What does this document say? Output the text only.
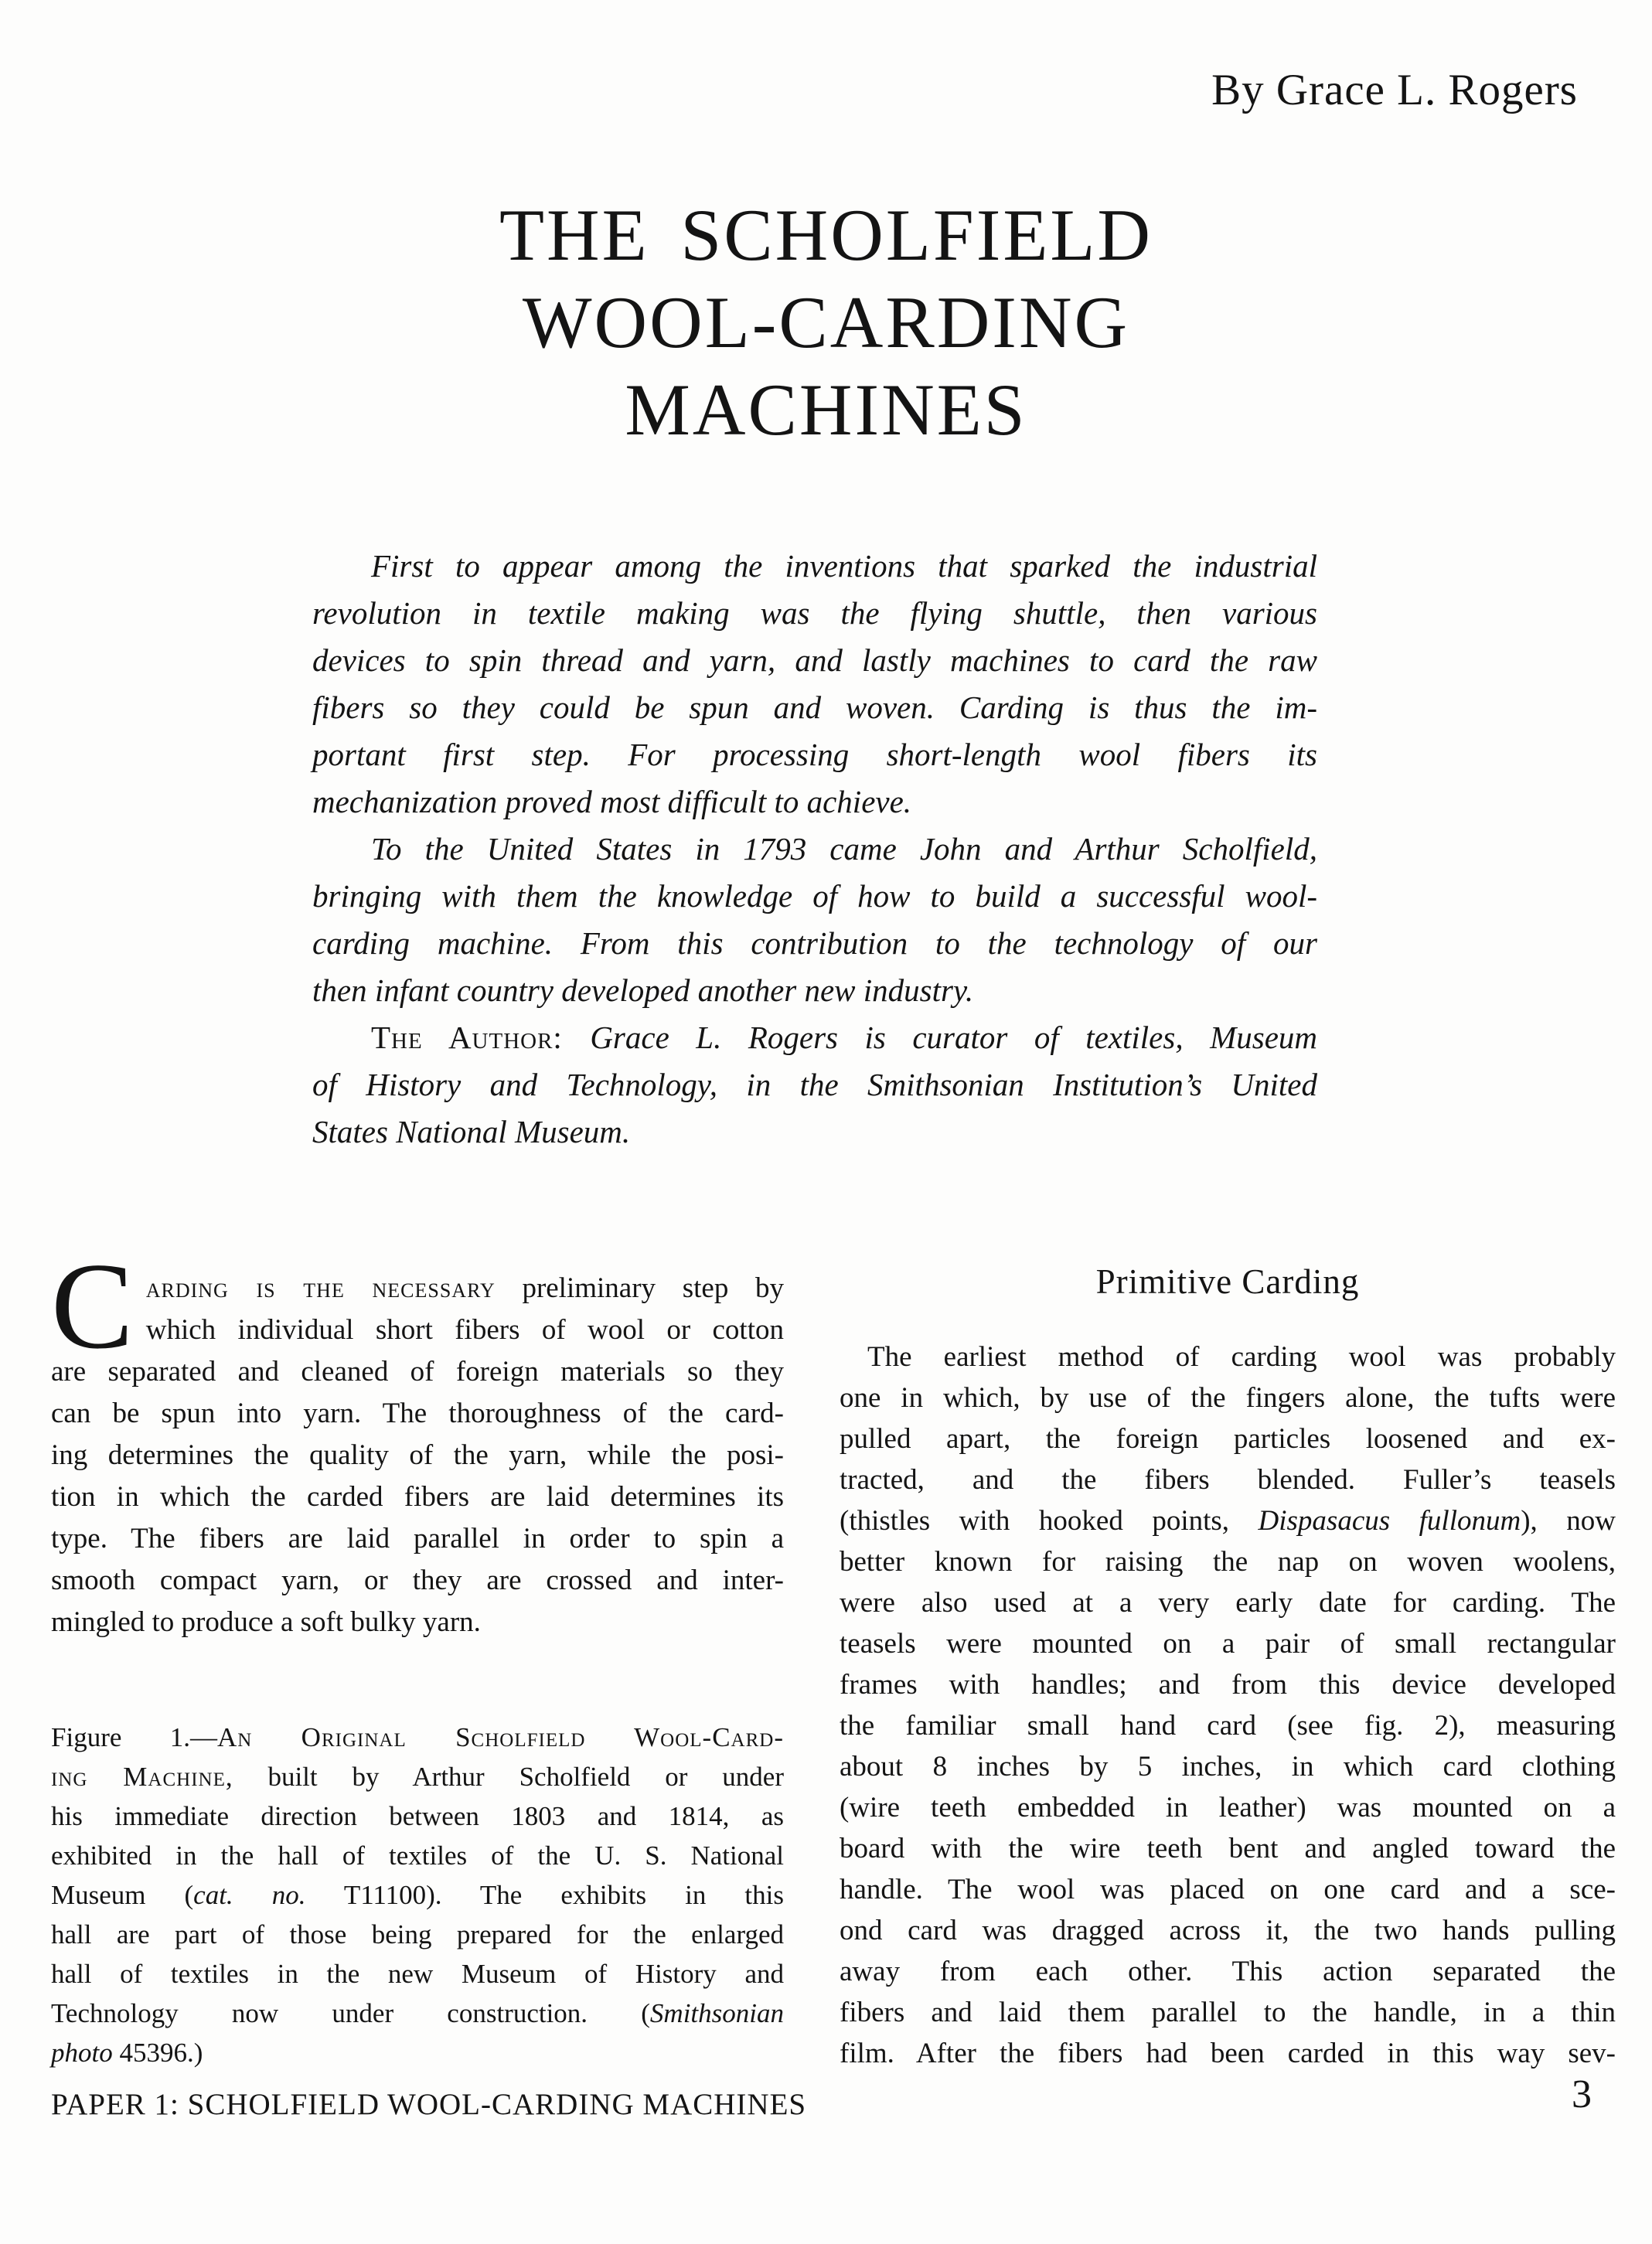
By Grace L. Rogers
THE SCHOLFIELD
WOOL-CARDING
MACHINES
First to appear among the inventions that sparked the industrial
revolution in textile making was the flying shuttle, then various
devices to spin thread and yarn, and lastly machines to card the raw
fibers so they could be spun and woven. Carding is thus the im-
portant first step. For processing short-length wool fibers its
mechanization proved most difficult to achieve.
To the United States in 1793 came John and Arthur Scholfield,
bringing with them the knowledge of how to build a successful wool-
carding machine. From this contribution to the technology of our
then infant country developed another new industry.
The Author: Grace L. Rogers is curator of textiles, Museum
of History and Technology, in the Smithsonian Institution’s United
States National Museum.
C arding is the necessary preliminary step by
which individual short fibers of wool or cotton
are separated and cleaned of foreign materials so they
can be spun into yarn. The thoroughness of the card-
ing determines the quality of the yarn, while the posi-
tion in which the carded fibers are laid determines its
type. The fibers are laid parallel in order to spin a
smooth compact yarn, or they are crossed and inter-
mingled to produce a soft bulky yarn.
Figure 1.—An Original Scholfield Wool-Card-
ing Machine, built by Arthur Scholfield or under
his immediate direction between 1803 and 1814, as
exhibited in the hall of textiles of the U. S. National
Museum (cat. no. T11100). The exhibits in this
hall are part of those being prepared for the enlarged
hall of textiles in the new Museum of History and
Technology now under construction. (Smithsonian
photo 45396.)
Primitive Carding
The earliest method of carding wool was probably
one in which, by use of the fingers alone, the tufts were
pulled apart, the foreign particles loosened and ex-
tracted, and the fibers blended. Fuller’s teasels
(thistles with hooked points, Dispasacus fullonum), now
better known for raising the nap on woven woolens,
were also used at a very early date for carding. The
teasels were mounted on a pair of small rectangular
frames with handles; and from this device developed
the familiar small hand card (see fig. 2), measuring
about 8 inches by 5 inches, in which card clothing
(wire teeth embedded in leather) was mounted on a
board with the wire teeth bent and angled toward the
handle. The wool was placed on one card and a sce-
ond card was dragged across it, the two hands pulling
away from each other. This action separated the
fibers and laid them parallel to the handle, in a thin
film. After the fibers had been carded in this way sev-
PAPER 1: SCHOLFIELD WOOL-CARDING MACHINES	3
